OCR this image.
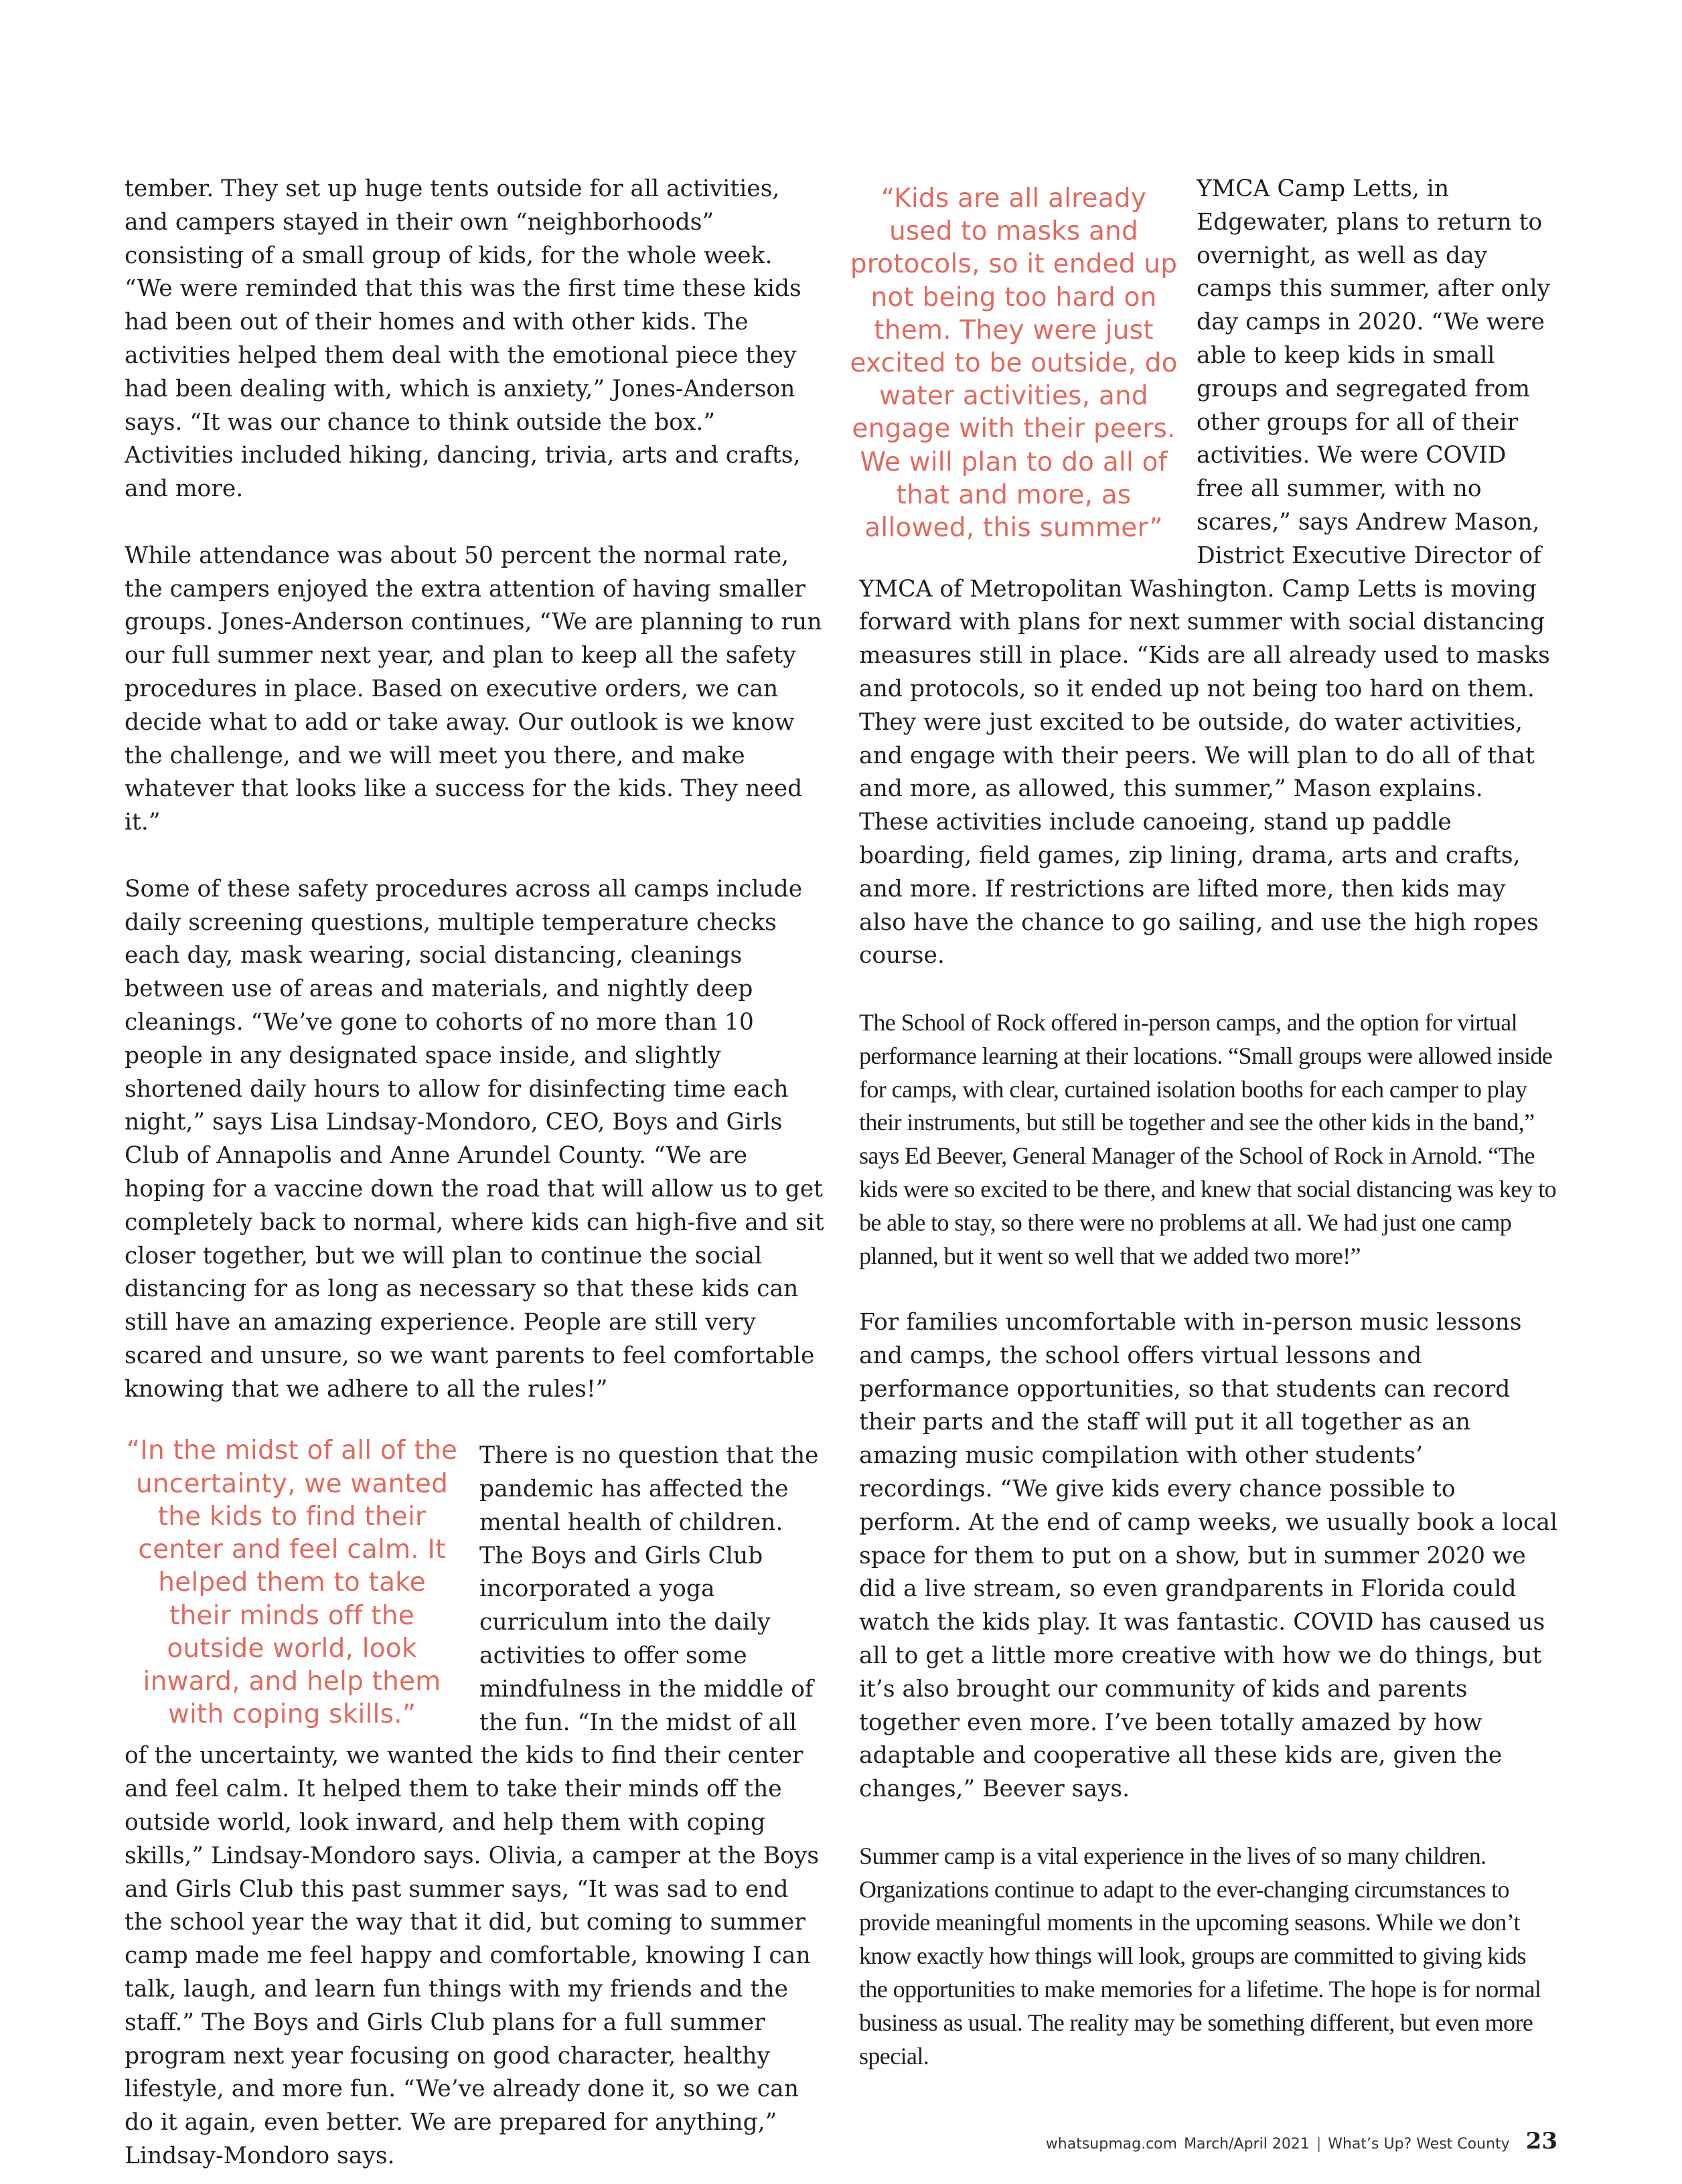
tember. They set up huge tents outside for all activities, and campers stayed in their own “neighborhoods” consisting of a small group of kids, for the whole week. “We were reminded that this was the first time these kids had been out of their homes and with other kids. The activities helped them deal with the emotional piece they had been dealing with, which is anxiety,” Jones-Anderson says. “It was our chance to think outside the box.” Activities included hiking, dancing, trivia, arts and crafts, and more.

While attendance was about 50 percent the normal rate, the campers enjoyed the extra attention of having smaller groups. Jones-Anderson continues, “We are planning to run our full summer next year, and plan to keep all the safety procedures in place. Based on executive orders, we can decide what to add or take away. Our outlook is we know the challenge, and we will meet you there, and make whatever that looks like a success for the kids. They need it.”

Some of these safety procedures across all camps include daily screening questions, multiple temperature checks each day, mask wearing, social distancing, cleanings between use of areas and materials, and nightly deep cleanings. “We’ve gone to cohorts of no more than 10 people in any designated space inside, and slightly shortened daily hours to allow for disinfecting time each night,” says Lisa Lindsay-Mondoro, CEO, Boys and Girls Club of Annapolis and Anne Arundel County. “We are hoping for a vaccine down the road that will allow us to get completely back to normal, where kids can high-five and sit closer together, but we will plan to continue the social distancing for as long as necessary so that these kids can still have an amazing experience. People are still very scared and unsure, so we want parents to feel comfortable knowing that we adhere to all the rules!”

“In the midst of all of the uncertainty, we wanted the kids to find their center and feel calm. It helped them to take their minds off the outside world, look inward, and help them with coping skills.”

There is no question that the pandemic has affected the mental health of children. The Boys and Girls Club incorporated a yoga curriculum into the daily activities to offer some mindfulness in the middle of the fun. “In the midst of all of the uncertainty, we wanted the kids to find their center and feel calm. It helped them to take their minds off the outside world, look inward, and help them with coping skills,” Lindsay-Mondoro says. Olivia, a camper at the Boys and Girls Club this past summer says, “It was sad to end the school year the way that it did, but coming to summer camp made me feel happy and comfortable, knowing I can talk, laugh, and learn fun things with my friends and the staff.” The Boys and Girls Club plans for a full summer program next year focusing on good character, healthy lifestyle, and more fun. “We’ve already done it, so we can do it again, even better. We are prepared for anything,” Lindsay-Mondoro says.

“Kids are all already used to masks and protocols, so it ended up not being too hard on them. They were just excited to be outside, do water activities, and engage with their peers. We will plan to do all of that and more, as allowed, this summer”

YMCA Camp Letts, in Edgewater, plans to return to overnight, as well as day camps this summer, after only day camps in 2020. “We were able to keep kids in small groups and segregated from other groups for all of their activities. We were COVID free all summer, with no scares,” says Andrew Mason, District Executive Director of YMCA of Metropolitan Washington. Camp Letts is moving forward with plans for next summer with social distancing measures still in place. “Kids are all already used to masks and protocols, so it ended up not being too hard on them. They were just excited to be outside, do water activities, and engage with their peers. We will plan to do all of that and more, as allowed, this summer,” Mason explains. These activities include canoeing, stand up paddle boarding, field games, zip lining, drama, arts and crafts, and more. If restrictions are lifted more, then kids may also have the chance to go sailing, and use the high ropes course.

The School of Rock offered in-person camps, and the option for virtual performance learning at their locations. “Small groups were allowed inside for camps, with clear, curtained isolation booths for each camper to play their instruments, but still be together and see the other kids in the band,” says Ed Beever, General Manager of the School of Rock in Arnold. “The kids were so excited to be there, and knew that social distancing was key to be able to stay, so there were no problems at all. We had just one camp planned, but it went so well that we added two more!”

For families uncomfortable with in-person music lessons and camps, the school offers virtual lessons and performance opportunities, so that students can record their parts and the staff will put it all together as an amazing music compilation with other students’ recordings. “We give kids every chance possible to perform. At the end of camp weeks, we usually book a local space for them to put on a show, but in summer 2020 we did a live stream, so even grandparents in Florida could watch the kids play. It was fantastic. COVID has caused us all to get a little more creative with how we do things, but it’s also brought our community of kids and parents together even more. I’ve been totally amazed by how adaptable and cooperative all these kids are, given the changes,” Beever says.

Summer camp is a vital experience in the lives of so many children. Organizations continue to adapt to the ever-changing circumstances to provide meaningful moments in the upcoming seasons. While we don’t know exactly how things will look, groups are committed to giving kids the opportunities to make memories for a lifetime. The hope is for normal business as usual. The reality may be something different, but even more special.

whatsupmag.com March/April 2021 | What’s Up? West County 23
